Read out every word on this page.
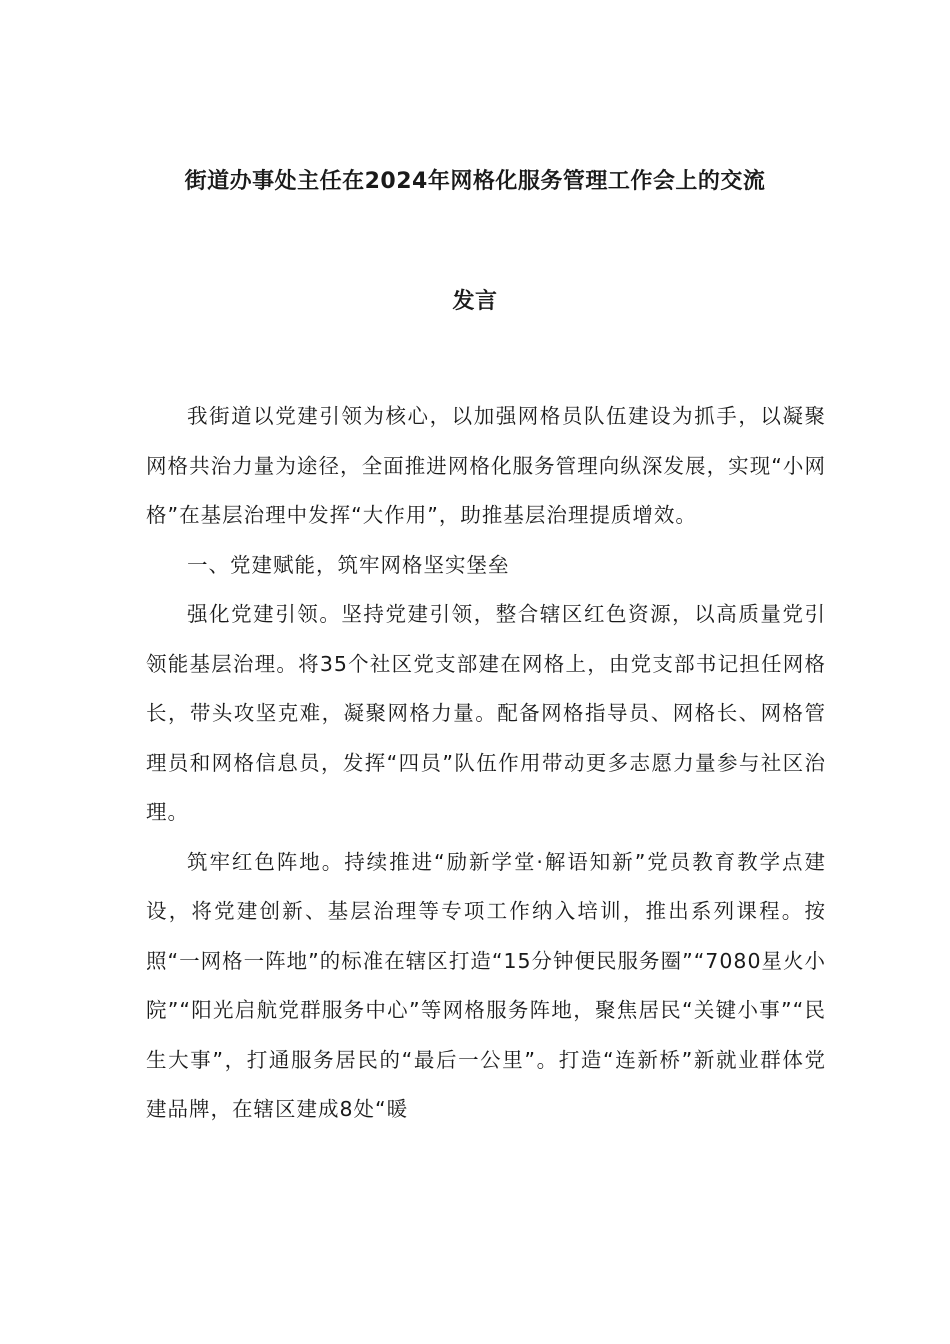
街道办事处主任在2024年网格化服务管理工作会上的交流
发言

我街道以党建引领为核心，以加强网格员队伍建设为抓手，以凝聚网格共治力量为途径，全面推进网格化服务管理向纵深发展，实现“小网格”在基层治理中发挥“大作用”，助推基层治理提质增效。

一、党建赋能，筑牢网格坚实堡垒

强化党建引领。坚持党建引领，整合辖区红色资源，以高质量党引领能基层治理。将35个社区党支部建在网格上，由党支部书记担任网格长，带头攻坚克难，凝聚网格力量。配备网格指导员、网格长、网格管理员和网格信息员，发挥“四员”队伍作用带动更多志愿力量参与社区治理。

筑牢红色阵地。持续推进“励新学堂·解语知新”党员教育教学点建设，将党建创新、基层治理等专项工作纳入培训，推出系列课程。按照“一网格一阵地”的标准在辖区打造“15分钟便民服务圈”“7080星火小院”“阳光启航党群服务中心”等网格服务阵地，聚焦居民“关键小事”“民生大事”，打通服务居民的“最后一公里”。打造“连新桥”新就业群体党建品牌，在辖区建成8处“暖
